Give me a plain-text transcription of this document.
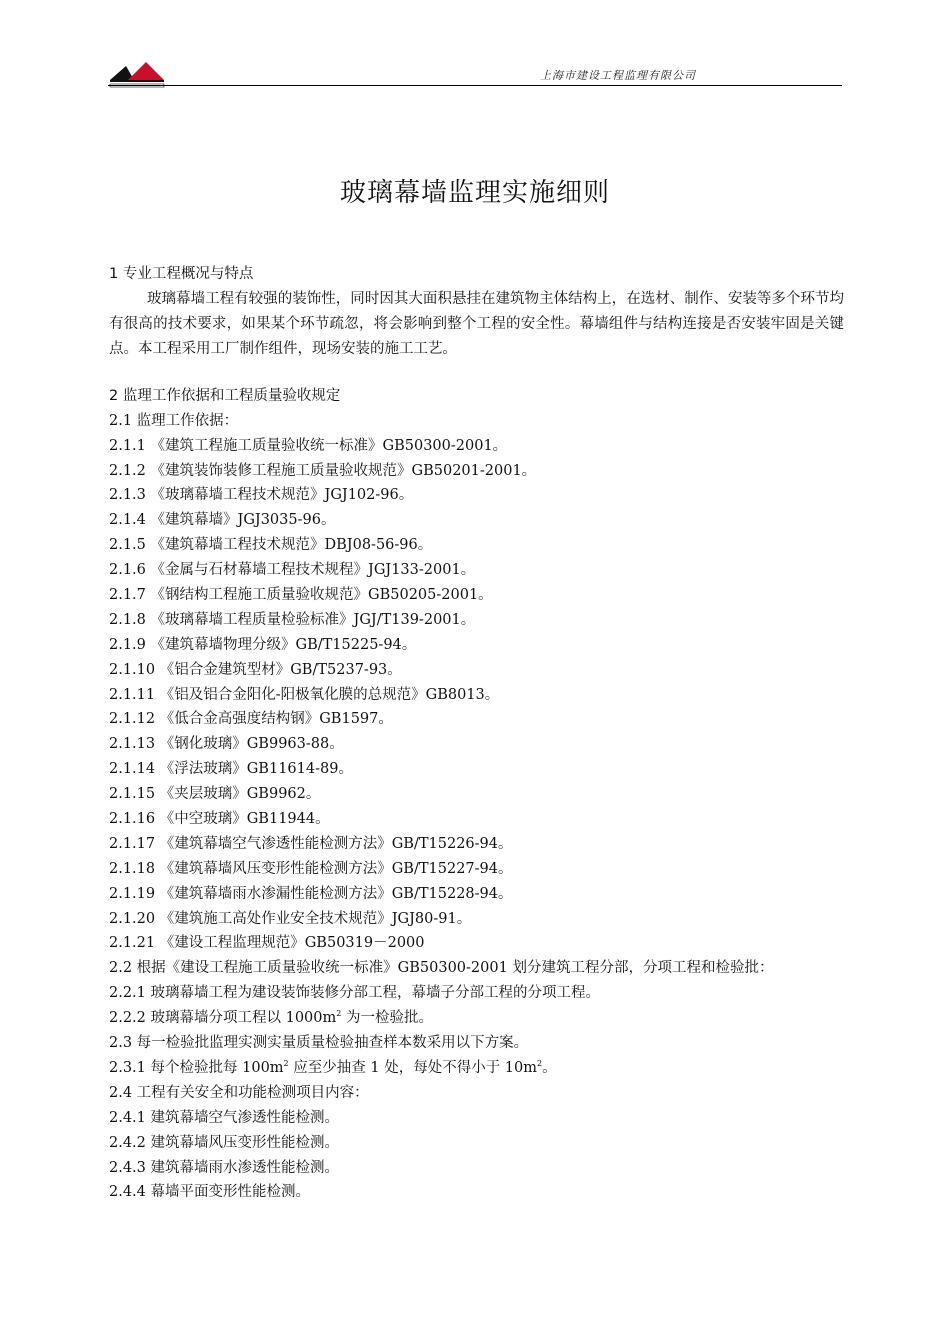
上海市建设工程监理有限公司
玻璃幕墙监理实施细则
1 专业工程概况与特点

玻璃幕墙工程有较强的装饰性，同时因其大面积悬挂在建筑物主体结构上，在选材、制作、安装等多个环节均有很高的技术要求，如果某个环节疏忽，将会影响到整个工程的安全性。幕墙组件与结构连接是否安装牢固是关键点。本工程采用工厂制作组件，现场安装的施工工艺。

2 监理工作依据和工程质量验收规定
2.1 监理工作依据：
2.1.1 《建筑工程施工质量验收统一标准》GB50300-2001。
2.1.2 《建筑装饰装修工程施工质量验收规范》GB50201-2001。
2.1.3 《玻璃幕墙工程技术规范》JGJ102-96。
2.1.4 《建筑幕墙》JGJ3035-96。
2.1.5 《建筑幕墙工程技术规范》DBJ08-56-96。
2.1.6 《金属与石材幕墙工程技术规程》JGJ133-2001。
2.1.7 《钢结构工程施工质量验收规范》GB50205-2001。
2.1.8 《玻璃幕墙工程质量检验标准》JGJ/T139-2001。
2.1.9 《建筑幕墙物理分级》GB/T15225-94。
2.1.10 《铝合金建筑型材》GB/T5237-93。
2.1.11 《铝及铝合金阳化-阳极氧化膜的总规范》GB8013。
2.1.12 《低合金高强度结构钢》GB1597。
2.1.13 《钢化玻璃》GB9963-88。
2.1.14 《浮法玻璃》GB11614-89。
2.1.15 《夹层玻璃》GB9962。
2.1.16 《中空玻璃》GB11944。
2.1.17 《建筑幕墙空气渗透性能检测方法》GB/T15226-94。
2.1.18 《建筑幕墙风压变形性能检测方法》GB/T15227-94。
2.1.19 《建筑幕墙雨水渗漏性能检测方法》GB/T15228-94。
2.1.20 《建筑施工高处作业安全技术规范》JGJ80-91。
2.1.21 《建设工程监理规范》GB50319－2000
2.2 根据《建设工程施工质量验收统一标准》GB50300-2001 划分建筑工程分部，分项工程和检验批：
2.2.1 玻璃幕墙工程为建设装饰装修分部工程，幕墙子分部工程的分项工程。
2.2.2 玻璃幕墙分项工程以 $1000m^2$ 为一检验批。
2.3 每一检验批监理实测实量质量检验抽查样本数采用以下方案。
2.3.1 每个检验批每 $100m^2$ 应至少抽查 1 处，每处不得小于 $10m^2$。
2.4 工程有关安全和功能检测项目内容：
2.4.1 建筑幕墙空气渗透性能检测。
2.4.2 建筑幕墙风压变形性能检测。
2.4.3 建筑幕墙雨水渗透性能检测。
2.4.4 幕墙平面变形性能检测。
